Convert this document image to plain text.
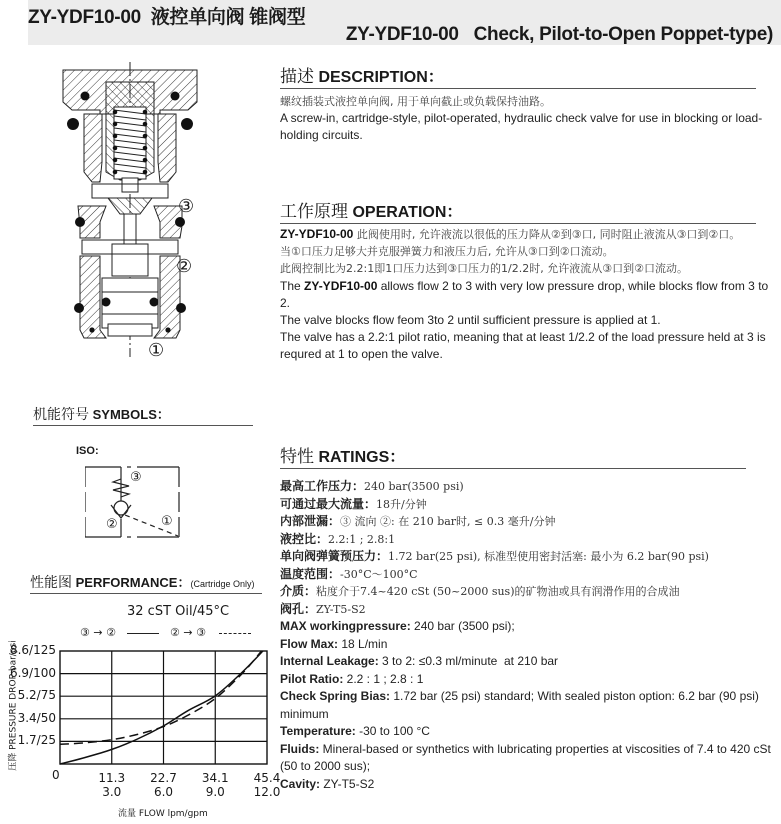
ZY-YDF10-00  液控单向阀 锥阀型
ZY-YDF10-00   Check, Pilot-to-Open Poppet-type)
③
②
①
描述 DESCRIPTION：
螺纹插装式液控单向阀, 用于单向截止或负载保持油路。
A screw-in, cartridge-style, pilot-operated, hydraulic check valve for use in blocking or load-holding circuits.
工作原理 OPERATION：
ZY-YDF10-00 此阀使用时, 允许液流以很低的压力降从②到③口, 同时阻止液流从③口到②口。
当①口压力足够大并克服弹簧力和液压力后, 允许从③口到②口流动。
此阀控制比为2.2:1即1口压力达到③口压力的1/2.2时, 允许液流从③口到②口流动。
The ZY-YDF10-00 allows flow 2 to 3 with very low pressure drop, while blocks flow from 3 to 2.
The valve blocks flow feom 3to 2 until sufficient pressure is applied at 1.
The valve has a 2.2:1 pilot ratio, meaning that at least 1/2.2 of the load pressure held at 3 is requred at 1 to open the valve.
机能符号 SYMBOLS：
ISO:
③
②	①
特性 RATINGS：
最高工作压力：240 bar(3500 psi)
可通过最大流量：18升/分钟
内部泄漏：③ 流向 ②: 在 210 bar时, ≤ 0.3 毫升/分钟
液控比：2.2:1 ; 2.8:1
单向阀弹簧预压力：1.72 bar(25 psi), 标准型使用密封活塞: 最小为 6.2 bar(90 psi)
温度范围：-30°C～100°C
介质：粘度介于7.4~420 cSt (50~2000 sus)的矿物油或具有润滑作用的合成油
阀孔：ZY-T5-S2
MAX workingpressure: 240 bar (3500 psi);
Flow Max: 18 L/min
Internal Leakage: 3 to 2: ≤0.3 ml/minute  at 210 bar
Pilot Ratio: 2.2 : 1 ; 2.8 : 1
Check Spring Bias: 1.72 bar (25 psi) standard; With sealed piston option: 6.2 bar (90 psi) minimum
Temperature: -30 to 100 °C
Fluids: Mineral-based or synthetics with lubricating properties at viscosities of 7.4 to 420 cSt (50 to 2000 sus);
Cavity: ZY-T5-S2
性能图 PERFORMANCE：(Cartridge Only)
32 cST Oil/45°C
③ → ②	② → ③
压降 PRESSURE DROP bar/psi 1.7/25
3.4/50
5.2/75
6.9/100
8.6/125
0	11.3
3.0
22.7
6.0
34.1
9.0
45.4
12.0
流量 FLOW lpm/gpm
